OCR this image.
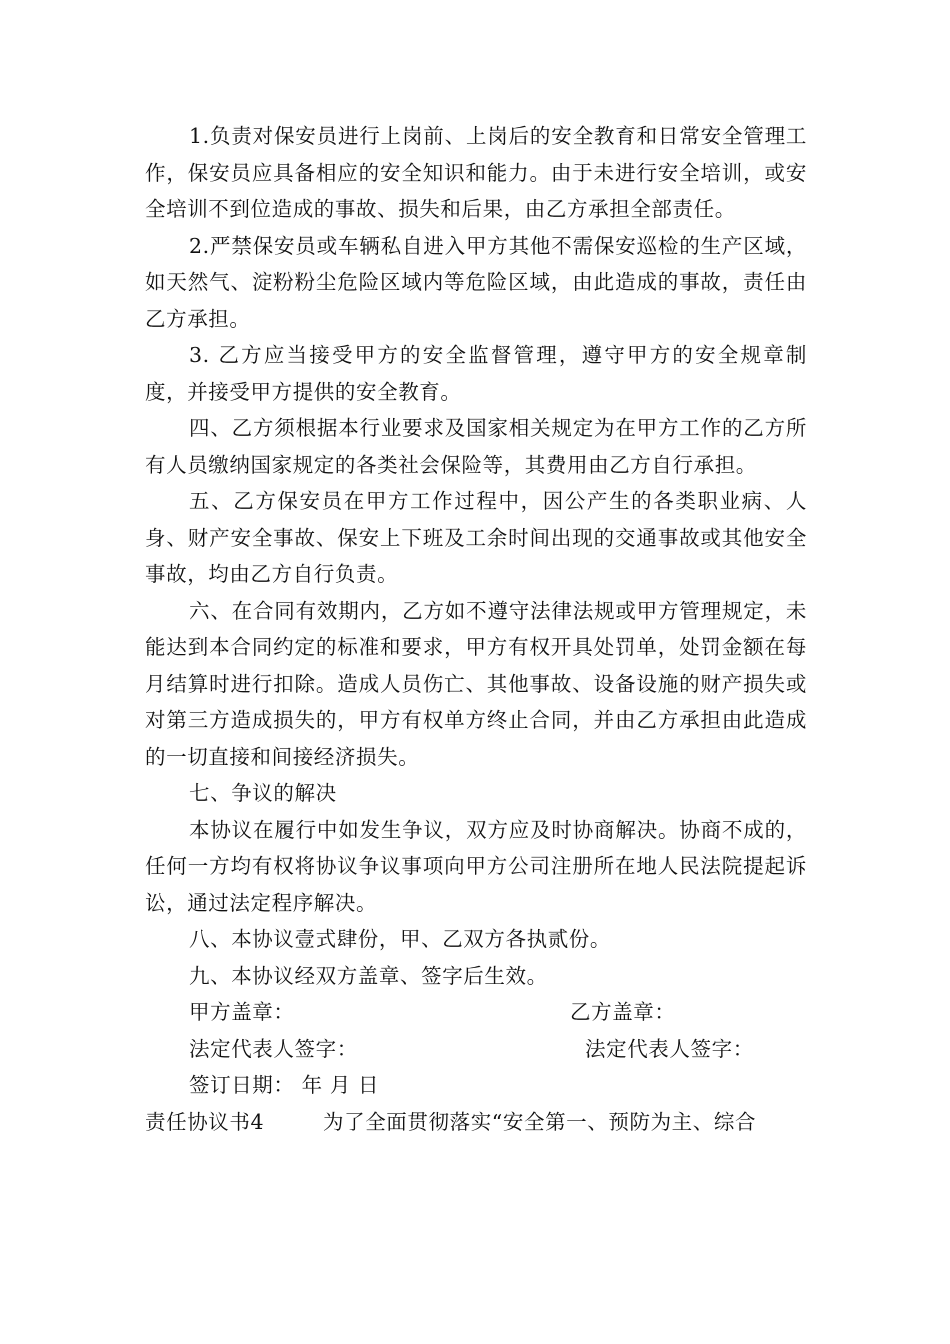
1.负责对保安员进行上岗前、上岗后的安全教育和日常安全管理工作，保安员应具备相应的安全知识和能力。由于未进行安全培训，或安全培训不到位造成的事故、损失和后果，由乙方承担全部责任。

2.严禁保安员或车辆私自进入甲方其他不需保安巡检的生产区域，如天然气、淀粉粉尘危险区域内等危险区域，由此造成的事故，责任由乙方承担。

3. 乙方应当接受甲方的安全监督管理，遵守甲方的安全规章制度，并接受甲方提供的安全教育。

四、乙方须根据本行业要求及国家相关规定为在甲方工作的乙方所有人员缴纳国家规定的各类社会保险等，其费用由乙方自行承担。

五、乙方保安员在甲方工作过程中，因公产生的各类职业病、人身、财产安全事故、保安上下班及工余时间出现的交通事故或其他安全事故，均由乙方自行负责。

六、在合同有效期内，乙方如不遵守法律法规或甲方管理规定，未能达到本合同约定的标准和要求，甲方有权开具处罚单，处罚金额在每月结算时进行扣除。造成人员伤亡、其他事故、设备设施的财产损失或对第三方造成损失的，甲方有权单方终止合同，并由乙方承担由此造成的一切直接和间接经济损失。

七、争议的解决

本协议在履行中如发生争议，双方应及时协商解决。协商不成的，任何一方均有权将协议争议事项向甲方公司注册所在地人民法院提起诉讼，通过法定程序解决。

八、本协议壹式肆份，甲、乙双方各执贰份。

九、本协议经双方盖章、签字后生效。

甲方盖章：	乙方盖章：
法定代表人签字：	法定代表人签字：
签订日期： 年 月 日
责任协议书4	为了全面贯彻落实“安全第一、预防为主、综合
